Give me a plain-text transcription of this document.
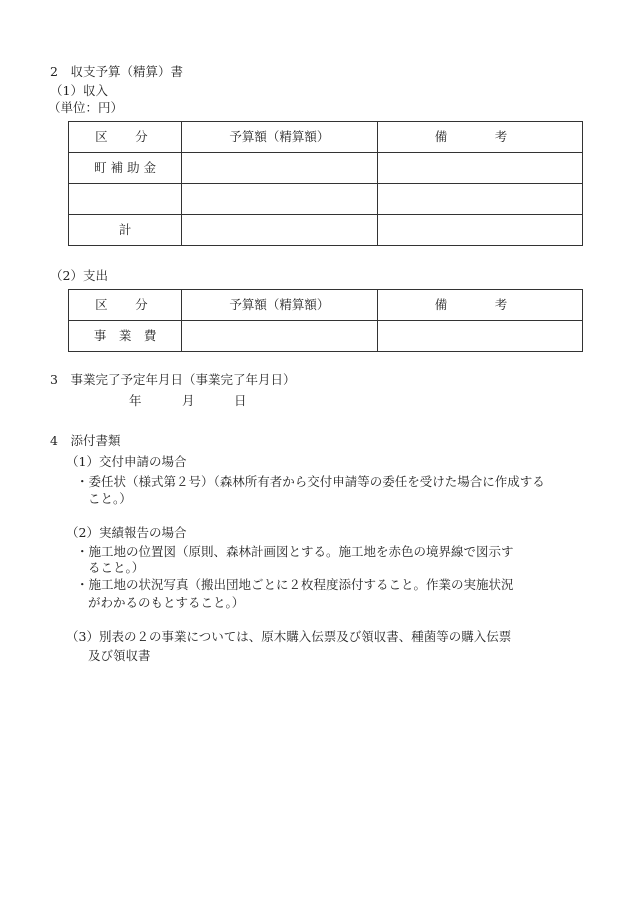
2　収支予算（精算）書
（1）収入
（単位：円）
区　分	予算額（精算額）	備　考
町 補 助 金		

計		
（2）支出
区　分	予算額（精算額）	備　考
事　業　費		
3　事業完了予定年月日（事業完了年月日）
年	月	日
4　添付書類
（1）交付申請の場合
・委任状（様式第２号）（森林所有者から交付申請等の委任を受けた場合に作成する
こと。）
（2）実績報告の場合
・施工地の位置図（原則、森林計画図とする。施工地を赤色の境界線で図示す
ること。）
・施工地の状況写真（搬出団地ごとに２枚程度添付すること。作業の実施状況
がわかるのもとすること。）
（3）別表の２の事業については、原木購入伝票及び領収書、種菌等の購入伝票
及び領収書
